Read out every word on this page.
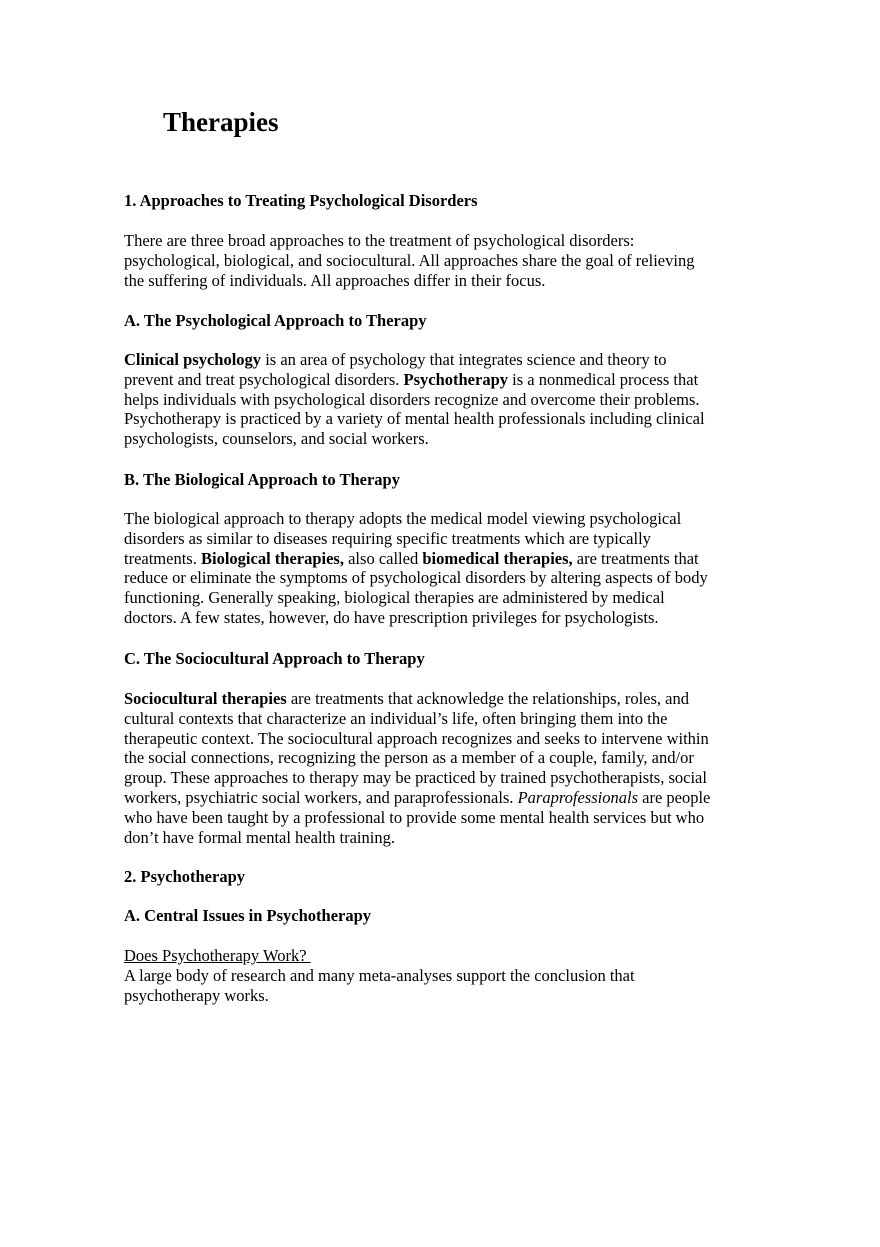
Therapies

1. Approaches to Treating Psychological Disorders

There are three broad approaches to the treatment of psychological disorders:
psychological, biological, and sociocultural. All approaches share the goal of relieving
the suffering of individuals. All approaches differ in their focus.

A. The Psychological Approach to Therapy

Clinical psychology is an area of psychology that integrates science and theory to
prevent and treat psychological disorders. Psychotherapy is a nonmedical process that
helps individuals with psychological disorders recognize and overcome their problems.
Psychotherapy is practiced by a variety of mental health professionals including clinical
psychologists, counselors, and social workers.

B. The Biological Approach to Therapy

The biological approach to therapy adopts the medical model viewing psychological
disorders as similar to diseases requiring specific treatments which are typically
treatments. Biological therapies, also called biomedical therapies, are treatments that
reduce or eliminate the symptoms of psychological disorders by altering aspects of body
functioning. Generally speaking, biological therapies are administered by medical
doctors. A few states, however, do have prescription privileges for psychologists.

C. The Sociocultural Approach to Therapy

Sociocultural therapies are treatments that acknowledge the relationships, roles, and
cultural contexts that characterize an individual’s life, often bringing them into the
therapeutic context. The sociocultural approach recognizes and seeks to intervene within
the social connections, recognizing the person as a member of a couple, family, and/or
group. These approaches to therapy may be practiced by trained psychotherapists, social
workers, psychiatric social workers, and paraprofessionals. Paraprofessionals are people
who have been taught by a professional to provide some mental health services but who
don’t have formal mental health training.

2. Psychotherapy

A. Central Issues in Psychotherapy

Does Psychotherapy Work?
A large body of research and many meta-analyses support the conclusion that
psychotherapy works.
